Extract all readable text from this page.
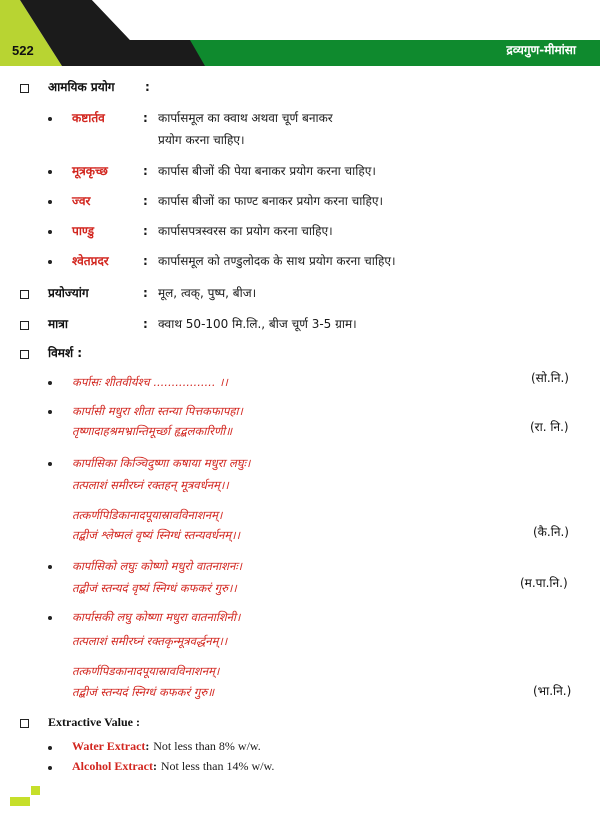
522	द्रव्यगुण-मीमांसा
आमयिक प्रयोग	:
कष्टार्तव	: कार्पासमूल का क्वाथ अथवा चूर्ण बनाकर
प्रयोग करना चाहिए।
मूत्रकृच्छ	: कार्पास बीजों की पेया बनाकर प्रयोग करना चाहिए।
ज्वर	: कार्पास बीजों का फाण्ट बनाकर प्रयोग करना चाहिए।
पाण्डु	: कार्पासपत्रस्वरस का प्रयोग करना चाहिए।
श्वेतप्रदर	: कार्पासमूल को तण्डुलोदक के साथ प्रयोग करना चाहिए।
प्रयोज्यांग	: मूल, त्वक्, पुष्प, बीज।
मात्रा	: क्वाथ 50-100 मि.लि., बीज चूर्ण 3-5 ग्राम।
विमर्श :
कर्पासः शीतवीर्यश्च ................. ।।	(सो.नि.)
कार्पासी मधुरा शीता स्तन्या पित्तकफापहा।
तृष्णादाहश्रमभ्रान्तिमूर्च्छा हृद्बलकारिणी॥	(रा. नि.)
कार्पासिका किञ्चिदुष्णा कषाया मधुरा लघुः।
तत्पलाशं समीरघ्नं रक्तहन् मूत्रवर्धनम्।।
तत्कर्णपिडिकानादपूयास्रावविनाशनम्।
तद्बीजं श्लेष्मलं वृष्यं स्निग्धं स्तन्यवर्धनम्।।	(कै.नि.)
कार्पासिको लघुः कोष्णो मधुरो वातनाशनः।
तद्बीजं स्तन्यदं वृष्यं स्निग्धं कफकरं गुरु।।	(म.पा.नि.)
कार्पासकी लघु कोष्णा मधुरा वातनाशिनी।
तत्पलाशं समीरघ्नं रक्तकृन्मूत्रवर्द्धनम्।।
तत्कर्णपिडकानादपूयास्रावविनाशनम्।
तद्बीजं स्तन्यदं स्निग्धं कफकरं गुरु॥	(भा.नि.)
Extractive Value :
Water Extract: Not less than 8% w/w.
Alcohol Extract: Not less than 14% w/w.
